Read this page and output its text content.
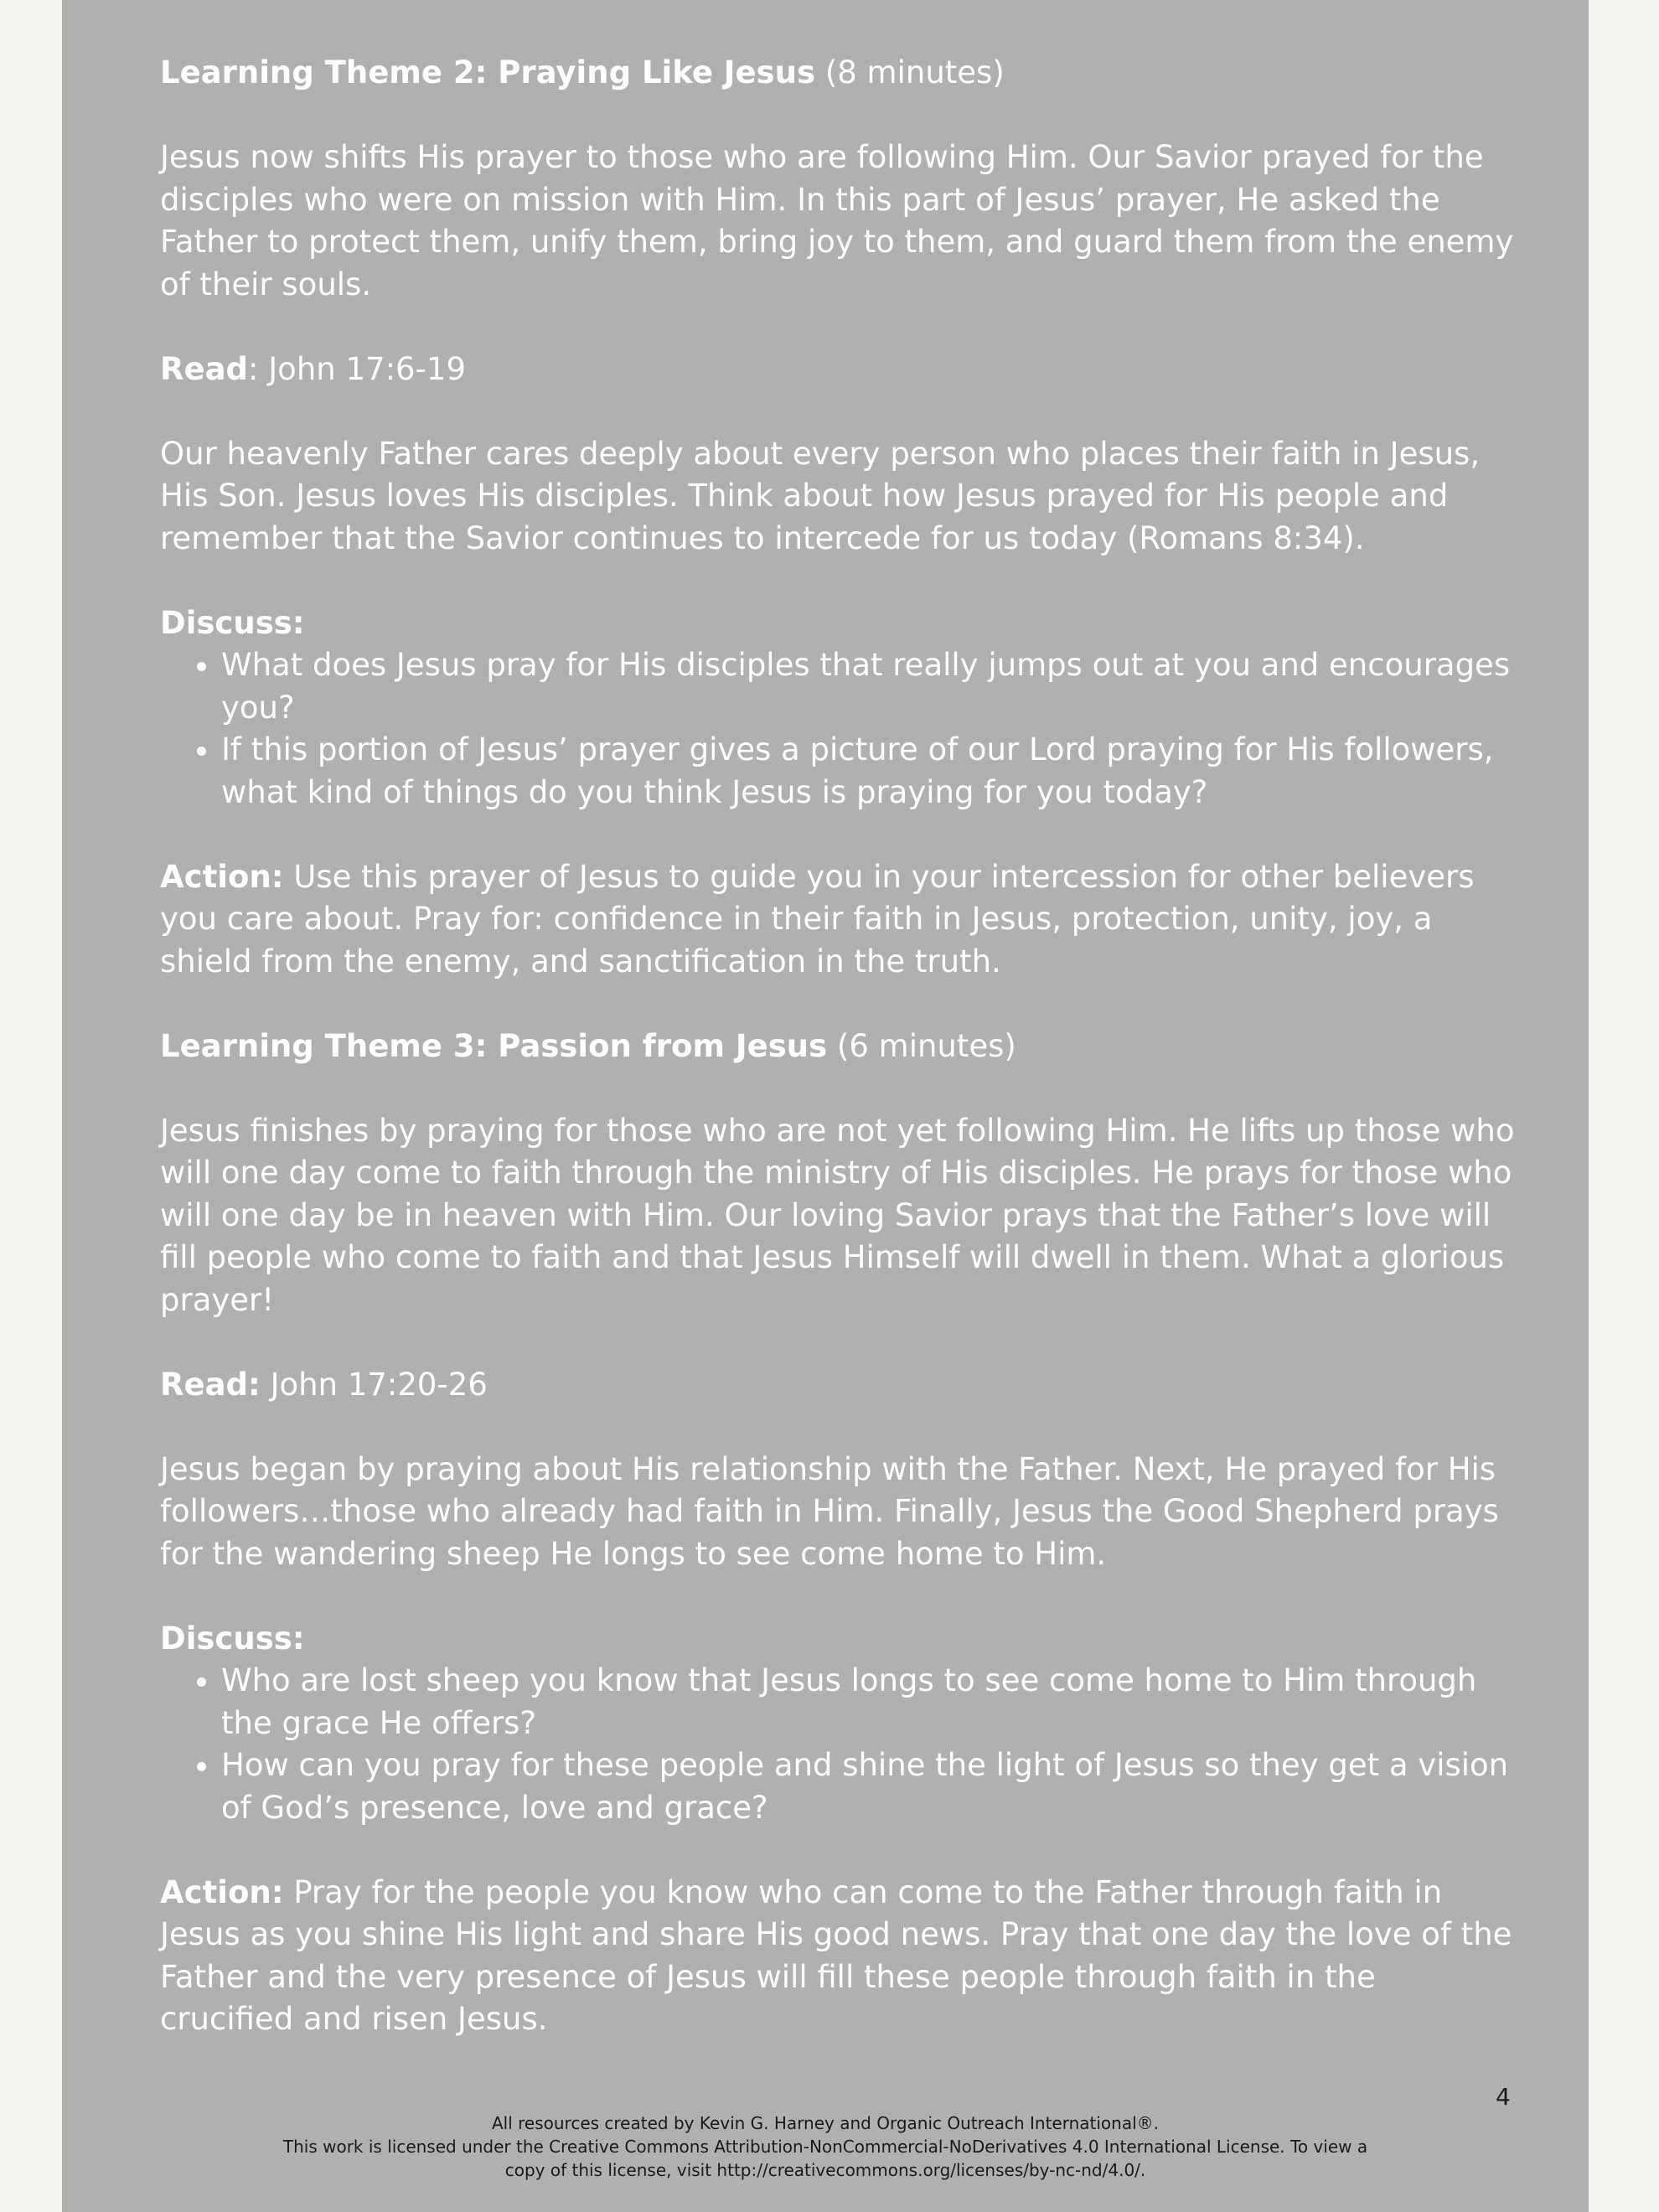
Learning Theme 2: Praying Like Jesus (8 minutes)

Jesus now shifts His prayer to those who are following Him. Our Savior prayed for the disciples who were on mission with Him. In this part of Jesus’ prayer, He asked the Father to protect them, unify them, bring joy to them, and guard them from the enemy of their souls.

Read: John 17:6-19

Our heavenly Father cares deeply about every person who places their faith in Jesus, His Son. Jesus loves His disciples. Think about how Jesus prayed for His people and remember that the Savior continues to intercede for us today (Romans 8:34).

Discuss:

• What does Jesus pray for His disciples that really jumps out at you and encourages you?
• If this portion of Jesus’ prayer gives a picture of our Lord praying for His followers, what kind of things do you think Jesus is praying for you today?

Action: Use this prayer of Jesus to guide you in your intercession for other believers you care about. Pray for: confidence in their faith in Jesus, protection, unity, joy, a shield from the enemy, and sanctification in the truth.

Learning Theme 3: Passion from Jesus (6 minutes)

Jesus finishes by praying for those who are not yet following Him. He lifts up those who will one day come to faith through the ministry of His disciples. He prays for those who will one day be in heaven with Him. Our loving Savior prays that the Father’s love will fill people who come to faith and that Jesus Himself will dwell in them. What a glorious prayer!

Read: John 17:20-26

Jesus began by praying about His relationship with the Father. Next, He prayed for His followers…those who already had faith in Him. Finally, Jesus the Good Shepherd prays for the wandering sheep He longs to see come home to Him.

Discuss:

• Who are lost sheep you know that Jesus longs to see come home to Him through the grace He offers?
• How can you pray for these people and shine the light of Jesus so they get a vision of God’s presence, love and grace?

Action: Pray for the people you know who can come to the Father through faith in Jesus as you shine His light and share His good news. Pray that one day the love of the Father and the very presence of Jesus will fill these people through faith in the crucified and risen Jesus.

4
All resources created by Kevin G. Harney and Organic Outreach International®.
This work is licensed under the Creative Commons Attribution-NonCommercial-NoDerivatives 4.0 International License. To view a
copy of this license, visit http://creativecommons.org/licenses/by-nc-nd/4.0/.
